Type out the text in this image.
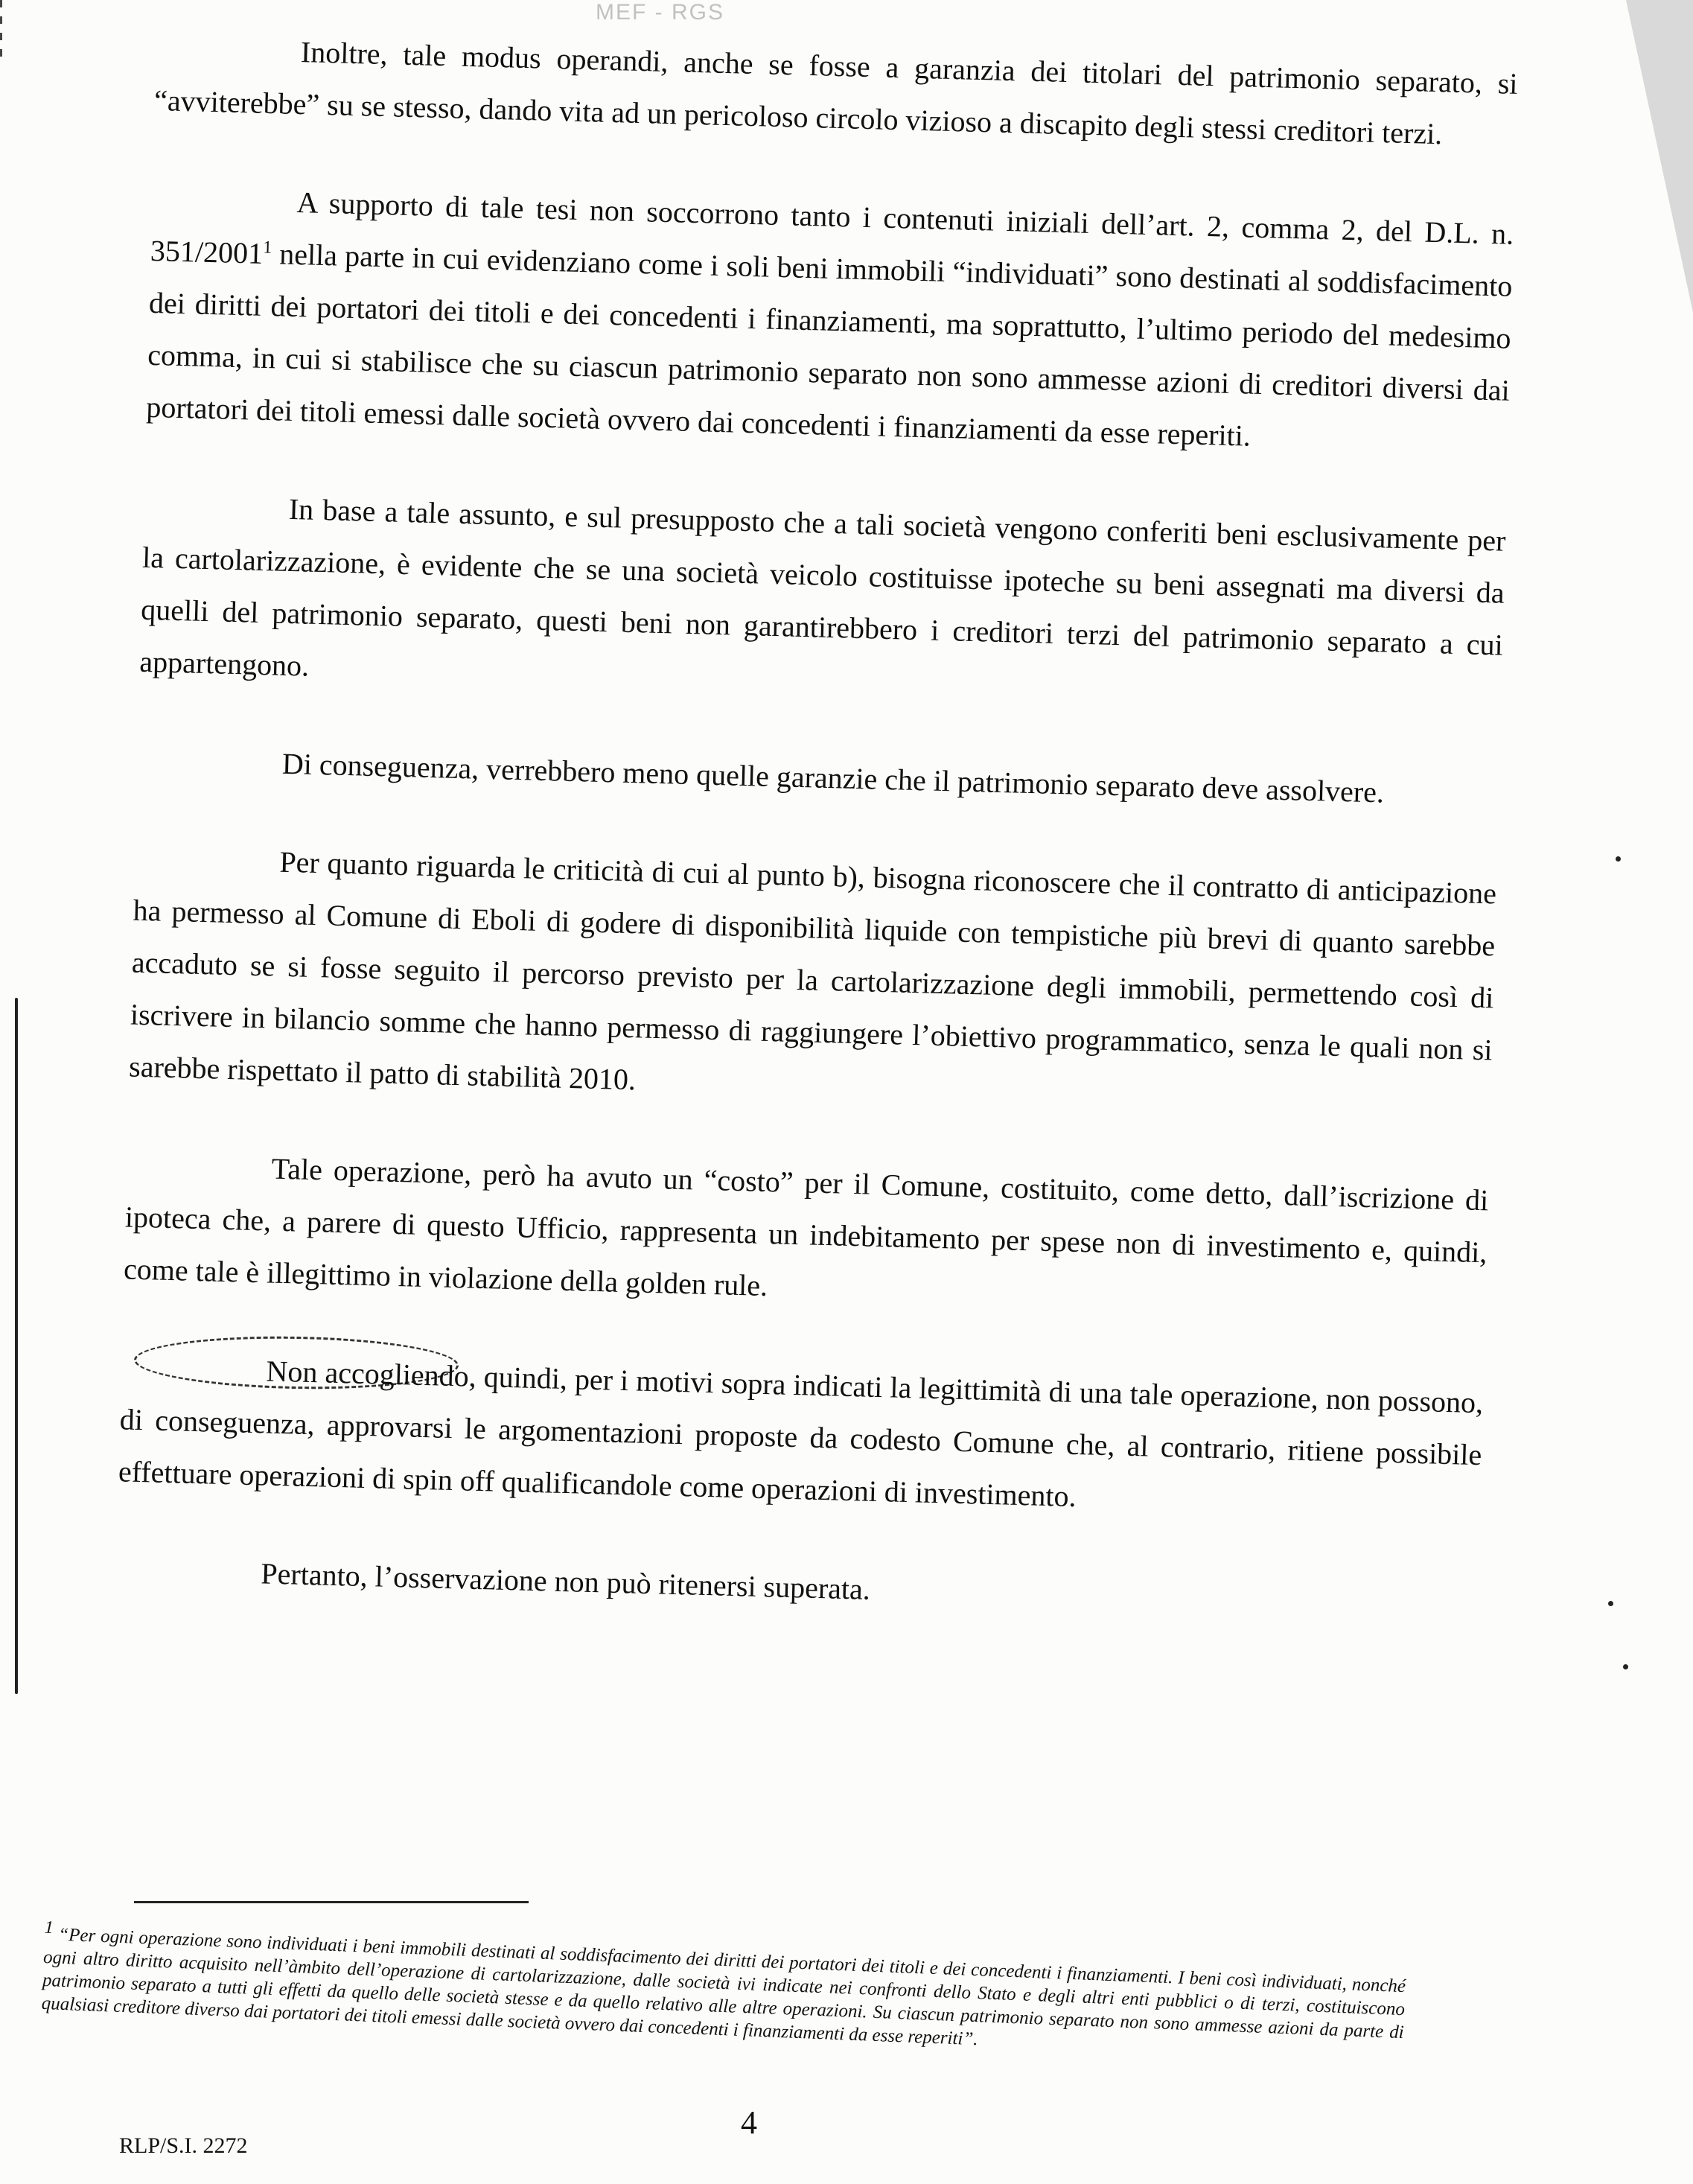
MEF - RGS

Inoltre, tale modus operandi, anche se fosse a garanzia dei titolari del patrimonio separato, si “avviterebbe” su se stesso, dando vita ad un pericoloso circolo vizioso a discapito degli stessi creditori terzi.

A supporto di tale tesi non soccorrono tanto i contenuti iniziali dell’art. 2, comma 2, del D.L. n. 351/2001$^1$ nella parte in cui evidenziano come i soli beni immobili “individuati” sono destinati al soddisfacimento dei diritti dei portatori dei titoli e dei concedenti i finanziamenti, ma soprattutto, l’ultimo periodo del medesimo comma, in cui si stabilisce che su ciascun patrimonio separato non sono ammesse azioni di creditori diversi dai portatori dei titoli emessi dalle società ovvero dai concedenti i finanziamenti da esse reperiti.

In base a tale assunto, e sul presupposto che a tali società vengono conferiti beni esclusivamente per la cartolarizzazione, è evidente che se una società veicolo costituisse ipoteche su beni assegnati ma diversi da quelli del patrimonio separato, questi beni non garantirebbero i creditori terzi del patrimonio separato a cui appartengono.

Di conseguenza, verrebbero meno quelle garanzie che il patrimonio separato deve assolvere.

Per quanto riguarda le criticità di cui al punto b), bisogna riconoscere che il contratto di anticipazione ha permesso al Comune di Eboli di godere di disponibilità liquide con tempistiche più brevi di quanto sarebbe accaduto se si fosse seguito il percorso previsto per la cartolarizzazione degli immobili, permettendo così di iscrivere in bilancio somme che hanno permesso di raggiungere l’obiettivo programmatico, senza le quali non si sarebbe rispettato il patto di stabilità 2010.

Tale operazione, però ha avuto un “costo” per il Comune, costituito, come detto, dall’iscrizione di ipoteca che, a parere di questo Ufficio, rappresenta un indebitamento per spese non di investimento e, quindi, come tale è illegittimo in violazione della golden rule.

Non accogliendo, quindi, per i motivi sopra indicati la legittimità di una tale operazione, non possono, di conseguenza, approvarsi le argomentazioni proposte da codesto Comune che, al contrario, ritiene possibile effettuare operazioni di spin off qualificandole come operazioni di investimento.

Pertanto, l’osservazione non può ritenersi superata.

1 “Per ogni operazione sono individuati i beni immobili destinati al soddisfacimento dei diritti dei portatori dei titoli e dei concedenti i finanziamenti. I beni così individuati, nonché ogni altro diritto acquisito nell’àmbito dell’operazione di cartolarizzazione, dalle società ivi indicate nei confronti dello Stato e degli altri enti pubblici o di terzi, costituiscono patrimonio separato a tutti gli effetti da quello delle società stesse e da quello relativo alle altre operazioni. Su ciascun patrimonio separato non sono ammesse azioni da parte di qualsiasi creditore diverso dai portatori dei titoli emessi dalle società ovvero dai concedenti i finanziamenti da esse reperiti”.
4
RLP/S.I. 2272
